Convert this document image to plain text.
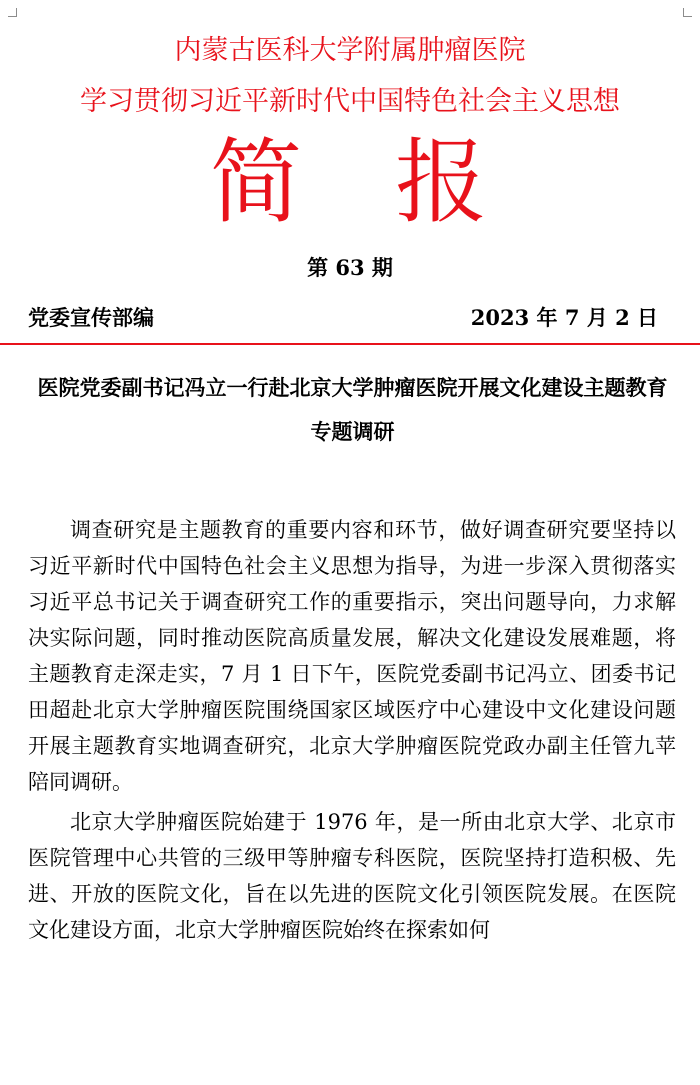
内蒙古医科大学附属肿瘤医院
学习贯彻习近平新时代中国特色社会主义思想
简 报
第 63 期
党委宣传部编	2023 年 7 月 2 日
医院党委副书记冯立一行赴北京大学肿瘤医院开展文化建设主题教育专题调研

调查研究是主题教育的重要内容和环节，做好调查研究要坚持以习近平新时代中国特色社会主义思想为指导，为进一步深入贯彻落实习近平总书记关于调查研究工作的重要指示，突出问题导向，力求解决实际问题，同时推动医院高质量发展，解决文化建设发展难题，将主题教育走深走实，7 月 1 日下午，医院党委副书记冯立、团委书记田超赴北京大学肿瘤医院围绕国家区域医疗中心建设中文化建设问题开展主题教育实地调查研究，北京大学肿瘤医院党政办副主任管九苹陪同调研。

北京大学肿瘤医院始建于 1976 年，是一所由北京大学、北京市医院管理中心共管的三级甲等肿瘤专科医院，医院坚持打造积极、先进、开放的医院文化，旨在以先进的医院文化引领医院发展。在医院文化建设方面，北京大学肿瘤医院始终在探索如何
